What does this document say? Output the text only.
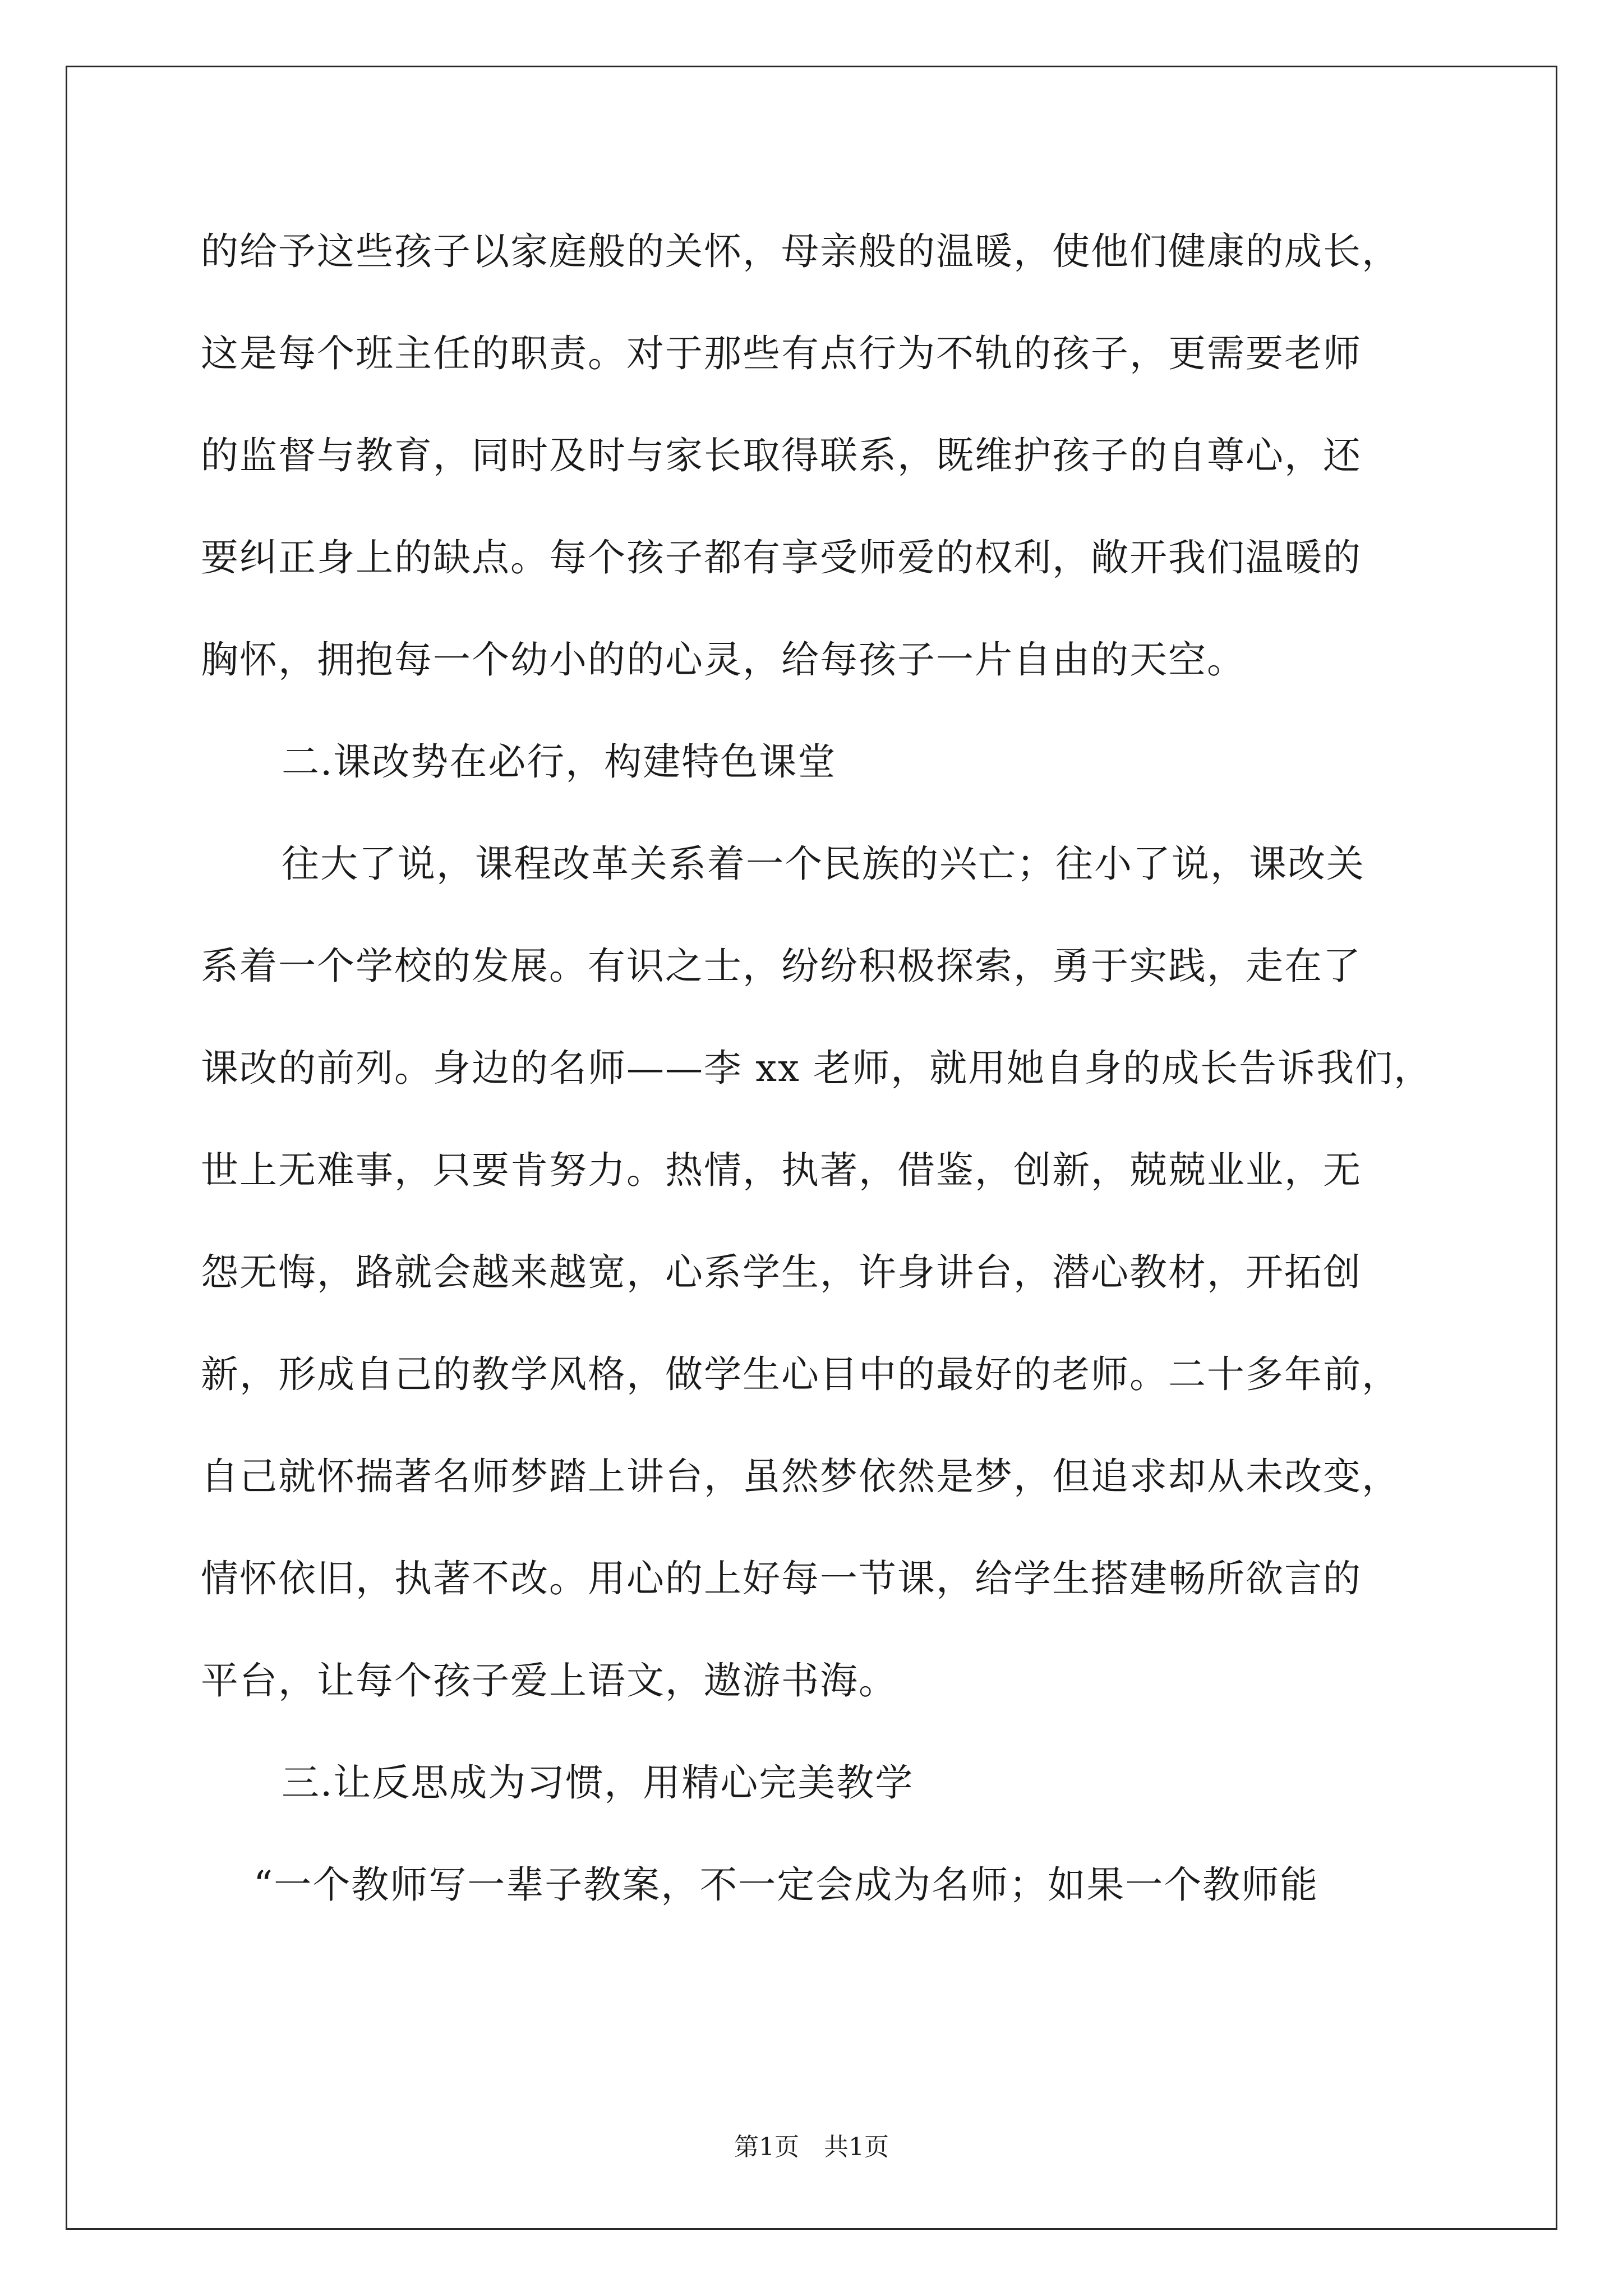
的给予这些孩子以家庭般的关怀，母亲般的温暖，使他们健康的成长，
这是每个班主任的职责。对于那些有点行为不轨的孩子，更需要老师
的监督与教育，同时及时与家长取得联系，既维护孩子的自尊心，还
要纠正身上的缺点。每个孩子都有享受师爱的权利，敞开我们温暖的
胸怀，拥抱每一个幼小的的心灵，给每孩子一片自由的天空。
二.课改势在必行，构建特色课堂
往大了说，课程改革关系着一个民族的兴亡；往小了说，课改关
系着一个学校的发展。有识之士，纷纷积极探索，勇于实践，走在了
课改的前列。身边的名师——李 xx 老师，就用她自身的成长告诉我们，
世上无难事，只要肯努力。热情，执著，借鉴，创新，兢兢业业，无
怨无悔，路就会越来越宽，心系学生，许身讲台，潜心教材，开拓创
新，形成自己的教学风格，做学生心目中的最好的老师。二十多年前，
自己就怀揣著名师梦踏上讲台，虽然梦依然是梦，但追求却从未改变，
情怀依旧，执著不改。用心的上好每一节课，给学生搭建畅所欲言的
平台，让每个孩子爱上语文，遨游书海。
三.让反思成为习惯，用精心完美教学
“一个教师写一辈子教案，不一定会成为名师；如果一个教师能
第1页　共1页
